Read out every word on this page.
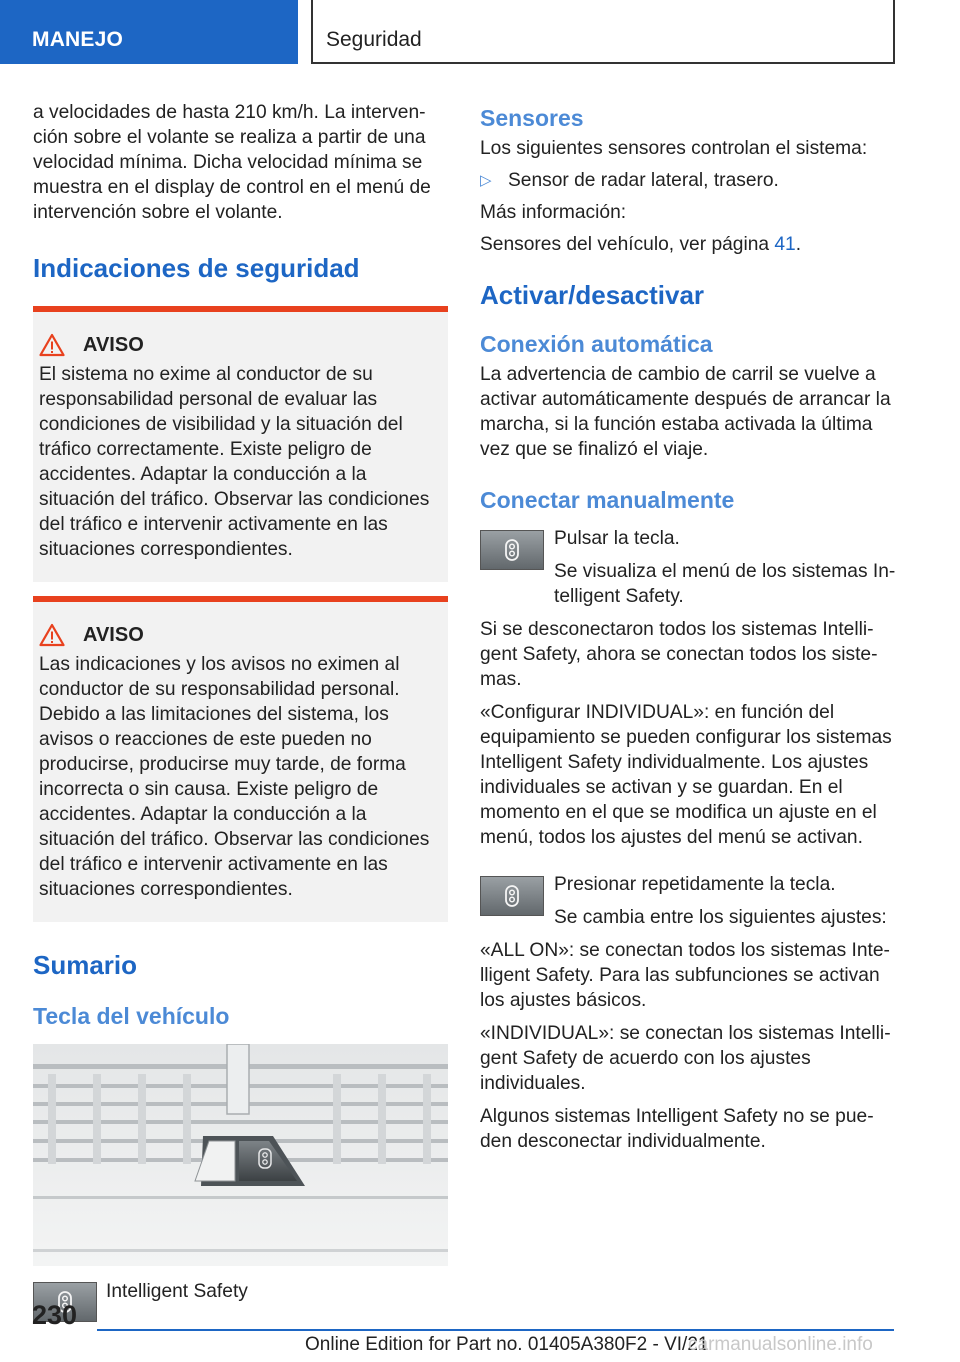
MANEJO	Seguridad

a velocidades de hasta 210 km/h. La intervención sobre el volante se realiza a partir de una velocidad mínima. Dicha velocidad mínima se muestra en el display de control en el menú de intervención sobre el volante.

Indicaciones de seguridad
AVISO

El sistema no exime al conductor de su responsabilidad personal de evaluar las condiciones de visibilidad y la situación del tráfico correctamente. Existe peligro de accidentes. Adaptar la conducción a la situación del tráfico. Observar las condiciones del tráfico e intervenir activamente en las situaciones correspondientes.

AVISO

Las indicaciones y los avisos no eximen al conductor de su responsabilidad personal. Debido a las limitaciones del sistema, los avisos o reacciones de este pueden no producirse, producirse muy tarde, de forma incorrecta o sin causa. Existe peligro de accidentes. Adaptar la conducción a la situación del tráfico. Observar las condiciones del tráfico e intervenir activamente en las situaciones correspondientes.

Sumario
Tecla del vehículo

Intelligent Safety

Sensores

Los siguientes sensores controlan el sistema:

▷ Sensor de radar lateral, trasero.

Más información:

Sensores del vehículo, ver página 41.

Activar/desactivar
Conexión automática

La advertencia de cambio de carril se vuelve a activar automáticamente después de arrancar la marcha, si la función estaba activada la última vez que se finalizó el viaje.

Conectar manualmente

Pulsar la tecla.

Se visualiza el menú de los sistemas Intelligent Safety.

Si se desconectaron todos los sistemas Intelligent Safety, ahora se conectan todos los sistemas.

«Configurar INDIVIDUAL»: en función del equipamiento se pueden configurar los sistemas Intelligent Safety individualmente. Los ajustes individuales se activan y se guardan. En el momento en el que se modifica un ajuste en el menú, todos los ajustes del menú se activan.

Presionar repetidamente la tecla.

Se cambia entre los siguientes ajustes:

«ALL ON»: se conectan todos los sistemas Intelligent Safety. Para las subfunciones se activan los ajustes básicos.

«INDIVIDUAL»: se conectan los sistemas Intelligent Safety de acuerdo con los ajustes individuales.

Algunos sistemas Intelligent Safety no se pueden desconectar individualmente.

230
Online Edition for Part no. 01405A380F2 - VI/21
carmanualsonline.info
